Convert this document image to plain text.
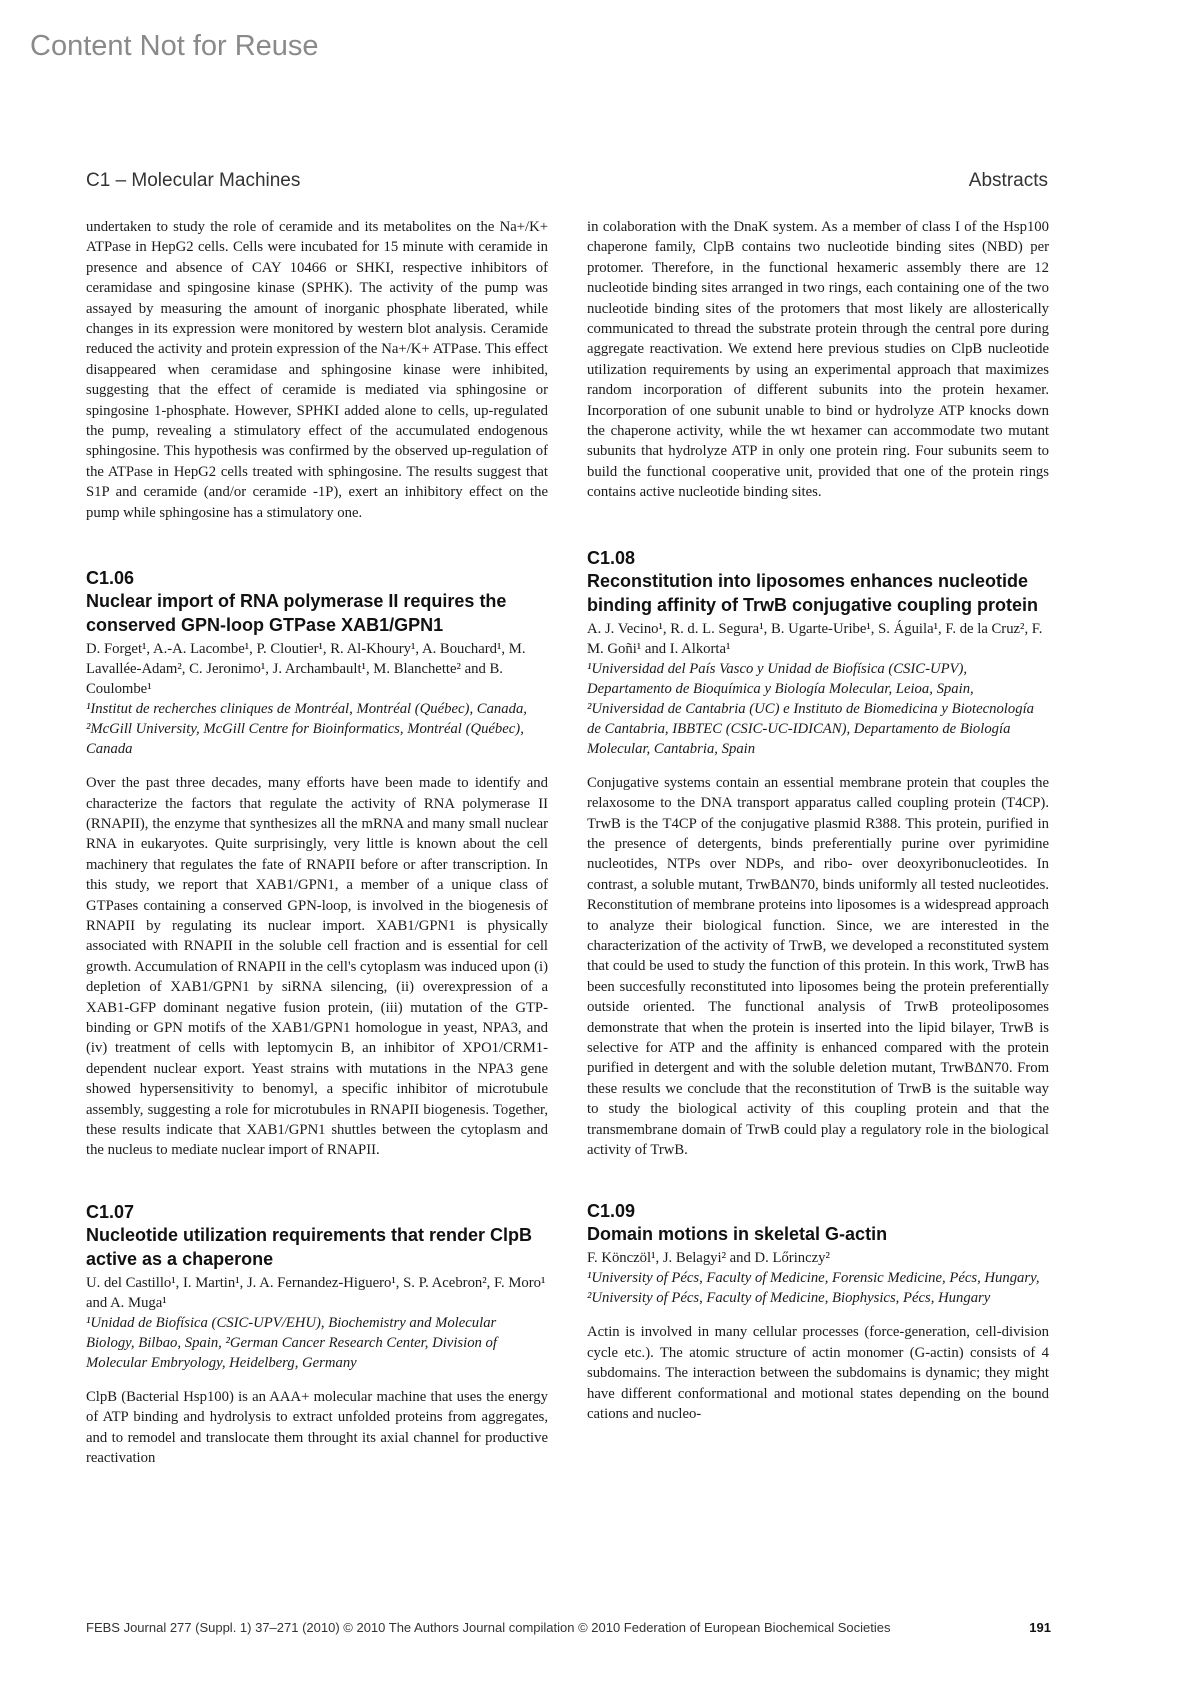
Content Not for Reuse
C1 – Molecular Machines	Abstracts

undertaken to study the role of ceramide and its metabolites on the Na+/K+ ATPase in HepG2 cells. Cells were incubated for 15 minute with ceramide in presence and absence of CAY 10466 or SHKI, respective inhibitors of ceramidase and spingosine kinase (SPHK). The activity of the pump was assayed by measuring the amount of inorganic phosphate liberated, while changes in its expression were monitored by western blot analysis. Ceramide reduced the activity and protein expression of the Na+/K+ ATPase. This effect disappeared when ceramidase and sphingosine kinase were inhibited, suggesting that the effect of ceramide is mediated via sphingosine or spingosine 1-phosphate. However, SPHKI added alone to cells, up-regulated the pump, revealing a stimulatory effect of the accumulated endogenous sphingosine. This hypothesis was confirmed by the observed up-regulation of the ATPase in HepG2 cells treated with sphingosine. The results suggest that S1P and ceramide (and/or ceramide -1P), exert an inhibitory effect on the pump while sphingosine has a stimulatory one.

C1.06
Nuclear import of RNA polymerase II requires the conserved GPN-loop GTPase XAB1/GPN1
D. Forget¹, A.-A. Lacombe¹, P. Cloutier¹, R. Al-Khoury¹, A. Bouchard¹, M. Lavallée-Adam², C. Jeronimo¹, J. Archambault¹, M. Blanchette² and B. Coulombe¹
¹Institut de recherches cliniques de Montréal, Montréal (Québec), Canada, ²McGill University, McGill Centre for Bioinformatics, Montréal (Québec), Canada

Over the past three decades, many efforts have been made to identify and characterize the factors that regulate the activity of RNA polymerase II (RNAPII), the enzyme that synthesizes all the mRNA and many small nuclear RNA in eukaryotes. Quite surprisingly, very little is known about the cell machinery that regulates the fate of RNAPII before or after transcription. In this study, we report that XAB1/GPN1, a member of a unique class of GTPases containing a conserved GPN-loop, is involved in the biogenesis of RNAPII by regulating its nuclear import. XAB1/GPN1 is physically associated with RNAPII in the soluble cell fraction and is essential for cell growth. Accumulation of RNAPII in the cell's cytoplasm was induced upon (i) depletion of XAB1/GPN1 by siRNA silencing, (ii) overexpression of a XAB1-GFP dominant negative fusion protein, (iii) mutation of the GTP-binding or GPN motifs of the XAB1/GPN1 homologue in yeast, NPA3, and (iv) treatment of cells with leptomycin B, an inhibitor of XPO1/CRM1-dependent nuclear export. Yeast strains with mutations in the NPA3 gene showed hypersensitivity to benomyl, a specific inhibitor of microtubule assembly, suggesting a role for microtubules in RNAPII biogenesis. Together, these results indicate that XAB1/GPN1 shuttles between the cytoplasm and the nucleus to mediate nuclear import of RNAPII.

C1.07
Nucleotide utilization requirements that render ClpB active as a chaperone
U. del Castillo¹, I. Martin¹, J. A. Fernandez-Higuero¹, S. P. Acebron², F. Moro¹ and A. Muga¹
¹Unidad de Biofísica (CSIC-UPV/EHU), Biochemistry and Molecular Biology, Bilbao, Spain, ²German Cancer Research Center, Division of Molecular Embryology, Heidelberg, Germany

ClpB (Bacterial Hsp100) is an AAA+ molecular machine that uses the energy of ATP binding and hydrolysis to extract unfolded proteins from aggregates, and to remodel and translocate them throught its axial channel for productive reactivation

in colaboration with the DnaK system. As a member of class I of the Hsp100 chaperone family, ClpB contains two nucleotide binding sites (NBD) per protomer. Therefore, in the functional hexameric assembly there are 12 nucleotide binding sites arranged in two rings, each containing one of the two nucleotide binding sites of the protomers that most likely are allosterically communicated to thread the substrate protein through the central pore during aggregate reactivation. We extend here previous studies on ClpB nucleotide utilization requirements by using an experimental approach that maximizes random incorporation of different subunits into the protein hexamer. Incorporation of one subunit unable to bind or hydrolyze ATP knocks down the chaperone activity, while the wt hexamer can accommodate two mutant subunits that hydrolyze ATP in only one protein ring. Four subunits seem to build the functional cooperative unit, provided that one of the protein rings contains active nucleotide binding sites.

C1.08
Reconstitution into liposomes enhances nucleotide binding affinity of TrwB conjugative coupling protein
A. J. Vecino¹, R. d. L. Segura¹, B. Ugarte-Uribe¹, S. Águila¹, F. de la Cruz², F. M. Goñi¹ and I. Alkorta¹
¹Universidad del País Vasco y Unidad de Biofísica (CSIC-UPV), Departamento de Bioquímica y Biología Molecular, Leioa, Spain, ²Universidad de Cantabria (UC) e Instituto de Biomedicina y Biotecnología de Cantabria, IBBTEC (CSIC-UC-IDICAN), Departamento de Biología Molecular, Cantabria, Spain

Conjugative systems contain an essential membrane protein that couples the relaxosome to the DNA transport apparatus called coupling protein (T4CP). TrwB is the T4CP of the conjugative plasmid R388. This protein, purified in the presence of detergents, binds preferentially purine over pyrimidine nucleotides, NTPs over NDPs, and ribo- over deoxyribonucleotides. In contrast, a soluble mutant, TrwBΔN70, binds uniformly all tested nucleotides. Reconstitution of membrane proteins into liposomes is a widespread approach to analyze their biological function. Since, we are interested in the characterization of the activity of TrwB, we developed a reconstituted system that could be used to study the function of this protein. In this work, TrwB has been succesfully reconstituted into liposomes being the protein preferentially outside oriented. The functional analysis of TrwB proteoliposomes demonstrate that when the protein is inserted into the lipid bilayer, TrwB is selective for ATP and the affinity is enhanced compared with the protein purified in detergent and with the soluble deletion mutant, TrwBΔN70. From these results we conclude that the reconstitution of TrwB is the suitable way to study the biological activity of this coupling protein and that the transmembrane domain of TrwB could play a regulatory role in the biological activity of TrwB.

C1.09
Domain motions in skeletal G-actin
F. Könczöl¹, J. Belagyi² and D. Lőrinczy²
¹University of Pécs, Faculty of Medicine, Forensic Medicine, Pécs, Hungary, ²University of Pécs, Faculty of Medicine, Biophysics, Pécs, Hungary

Actin is involved in many cellular processes (force-generation, cell-division cycle etc.). The atomic structure of actin monomer (G-actin) consists of 4 subdomains. The interaction between the subdomains is dynamic; they might have different conformational and motional states depending on the bound cations and nucleo-

FEBS Journal 277 (Suppl. 1) 37–271 (2010) © 2010 The Authors Journal compilation © 2010 Federation of European Biochemical Societies	191
